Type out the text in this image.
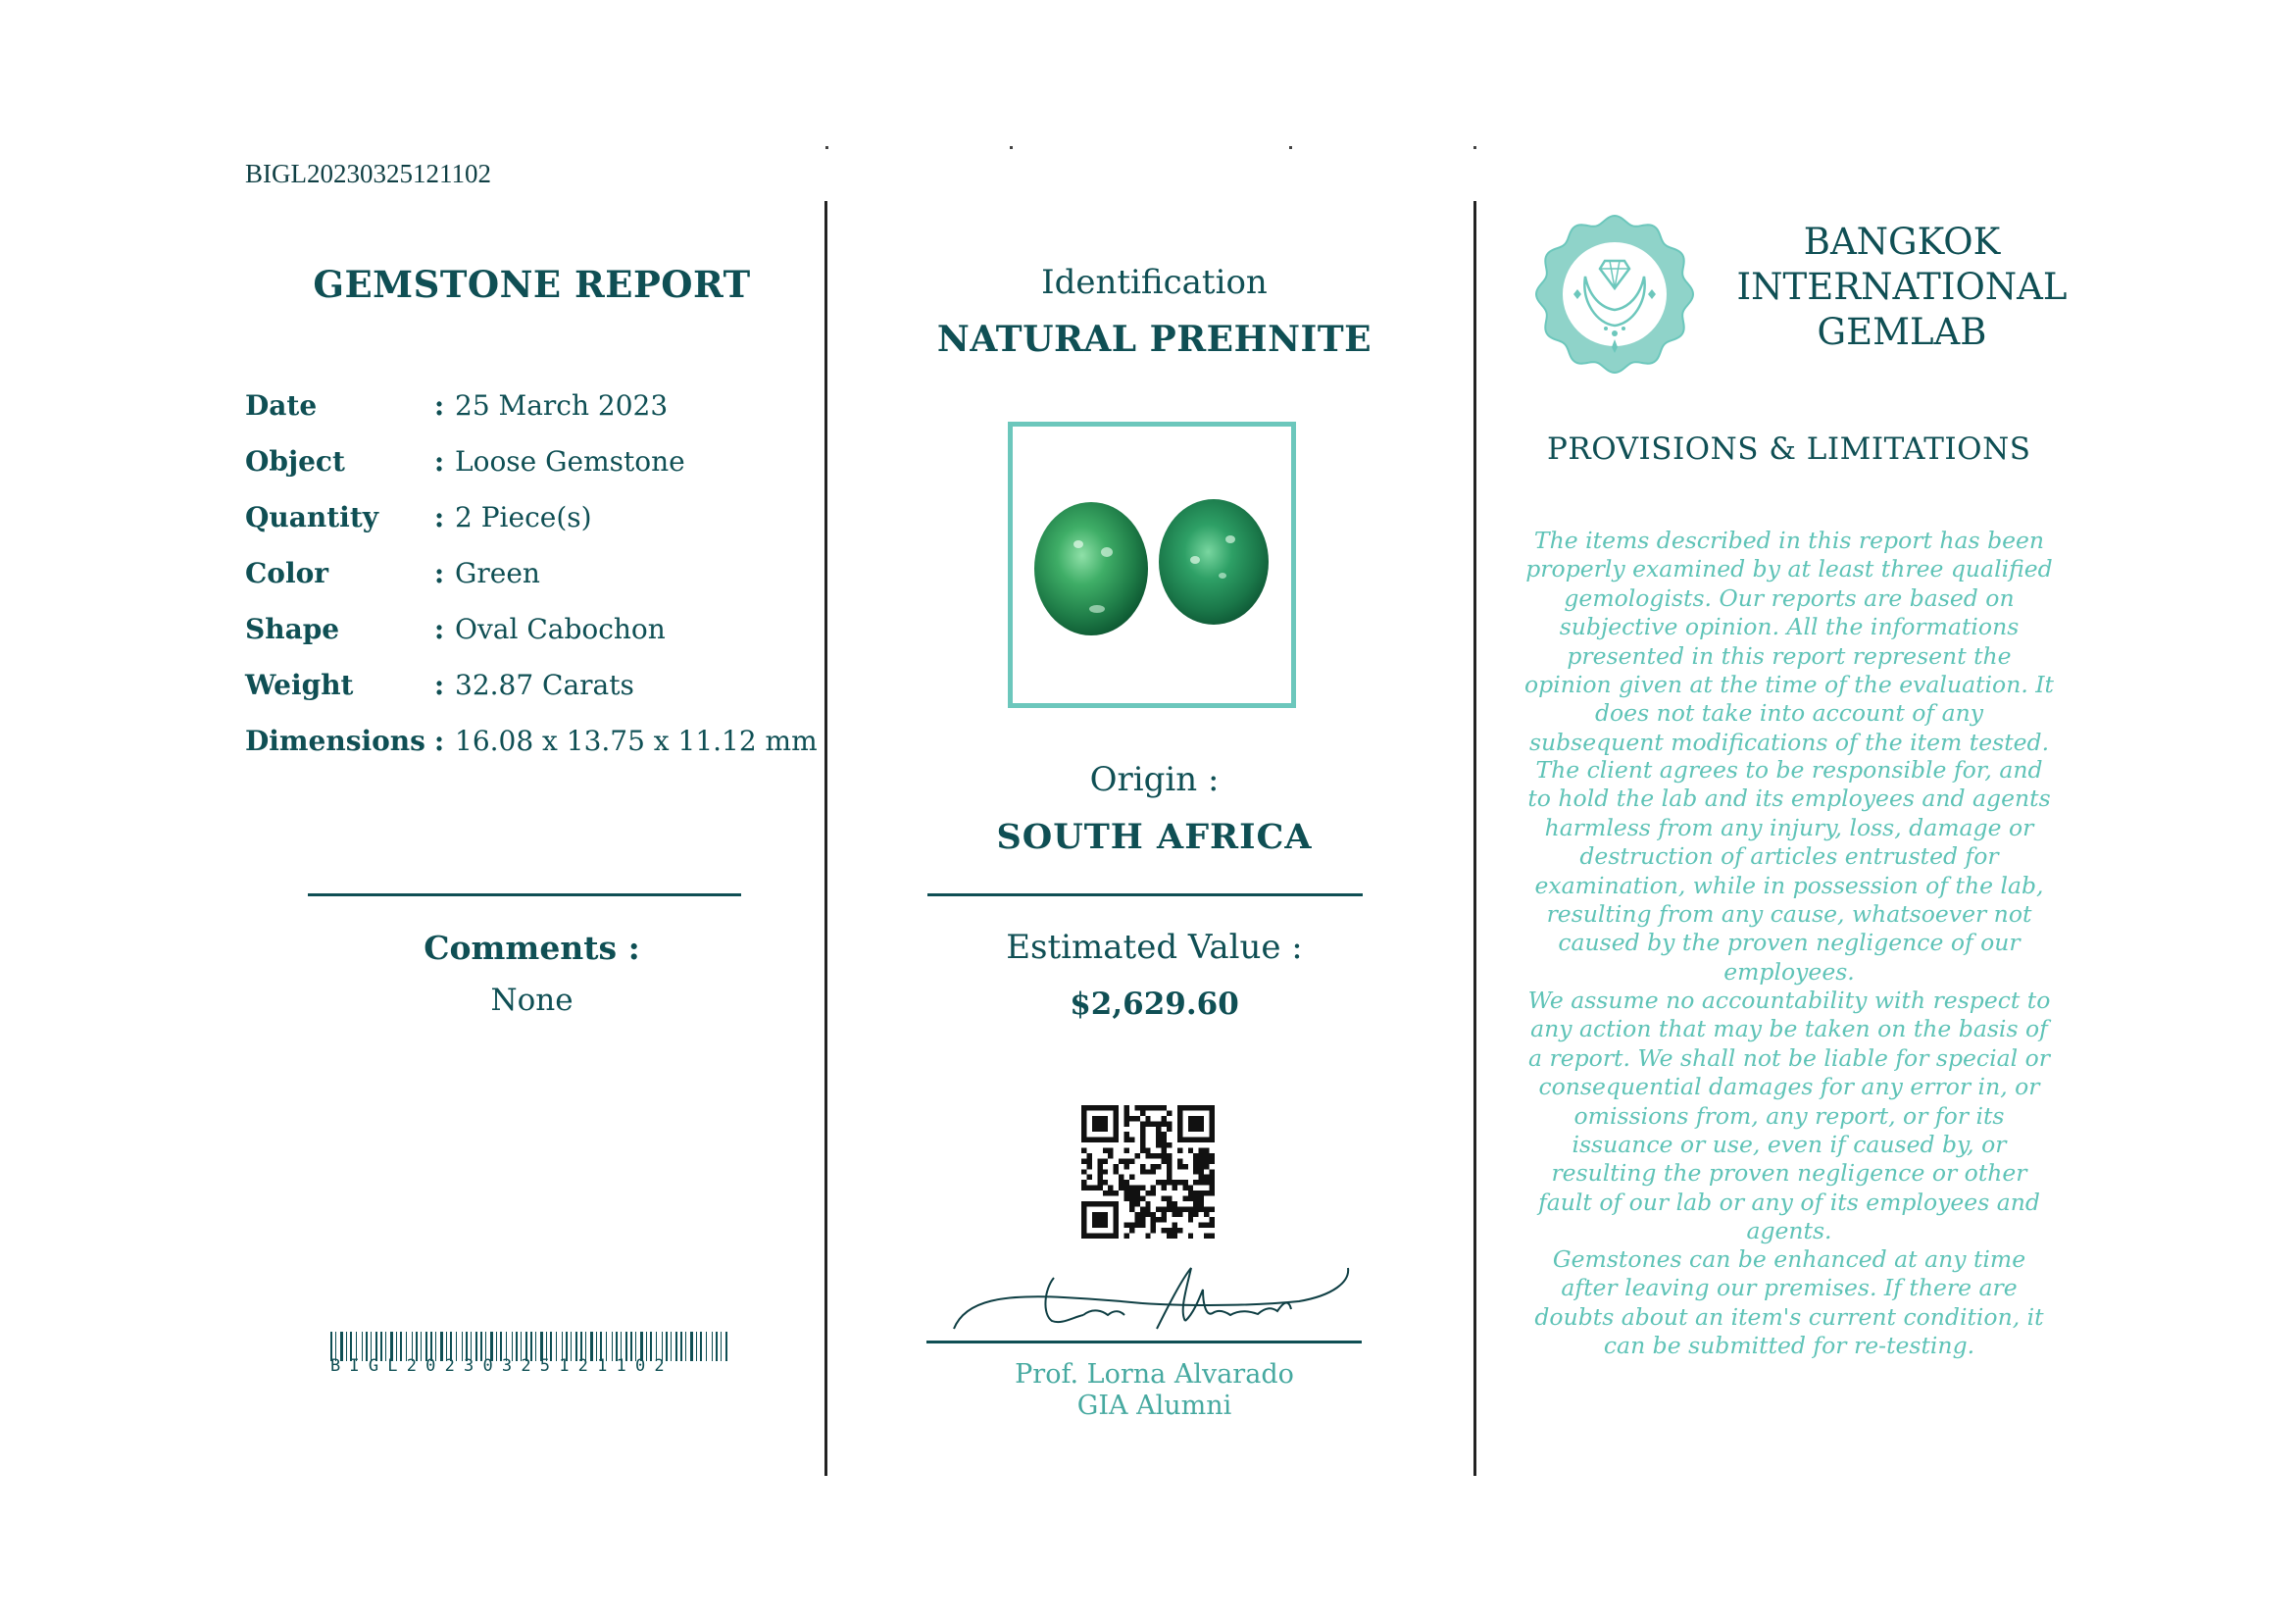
BIGL20230325121102
GEMSTONE REPORT
Date	: 25 March 2023
Object	: Loose Gemstone
Quantity	: 2 Piece(s)
Color	: Green
Shape	: Oval Cabochon
Weight	: 32.87 Carats
Dimensions : 16.08 x 13.75 x 11.12 mm
Comments :
None
BIGL20230325121102
Identification
NATURAL PREHNITE
Origin :
SOUTH AFRICA
Estimated Value :
$2,629.60
Prof. Lorna Alvarado
GIA Alumni
BANGKOK
INTERNATIONAL
GEMLAB
PROVISIONS & LIMITATIONS
The items described in this report has been properly examined by at least three qualified gemologists. Our reports are based on subjective opinion. All the informations presented in this report represent the opinion given at the time of the evaluation. It does not take into account of any subsequent modifications of the item tested.
The client agrees to be responsible for, and to hold the lab and its employees and agents harmless from any injury, loss, damage or destruction of articles entrusted for examination, while in possession of the lab, resulting from any cause, whatsoever not caused by the proven negligence of our employees.
We assume no accountability with respect to any action that may be taken on the basis of a report. We shall not be liable for special or consequential damages for any error in, or omissions from, any report, or for its issuance or use, even if caused by, or resulting the proven negligence or other fault of our lab or any of its employees and agents.
Gemstones can be enhanced at any time after leaving our premises. If there are doubts about an item's current condition, it can be submitted for re-testing.
